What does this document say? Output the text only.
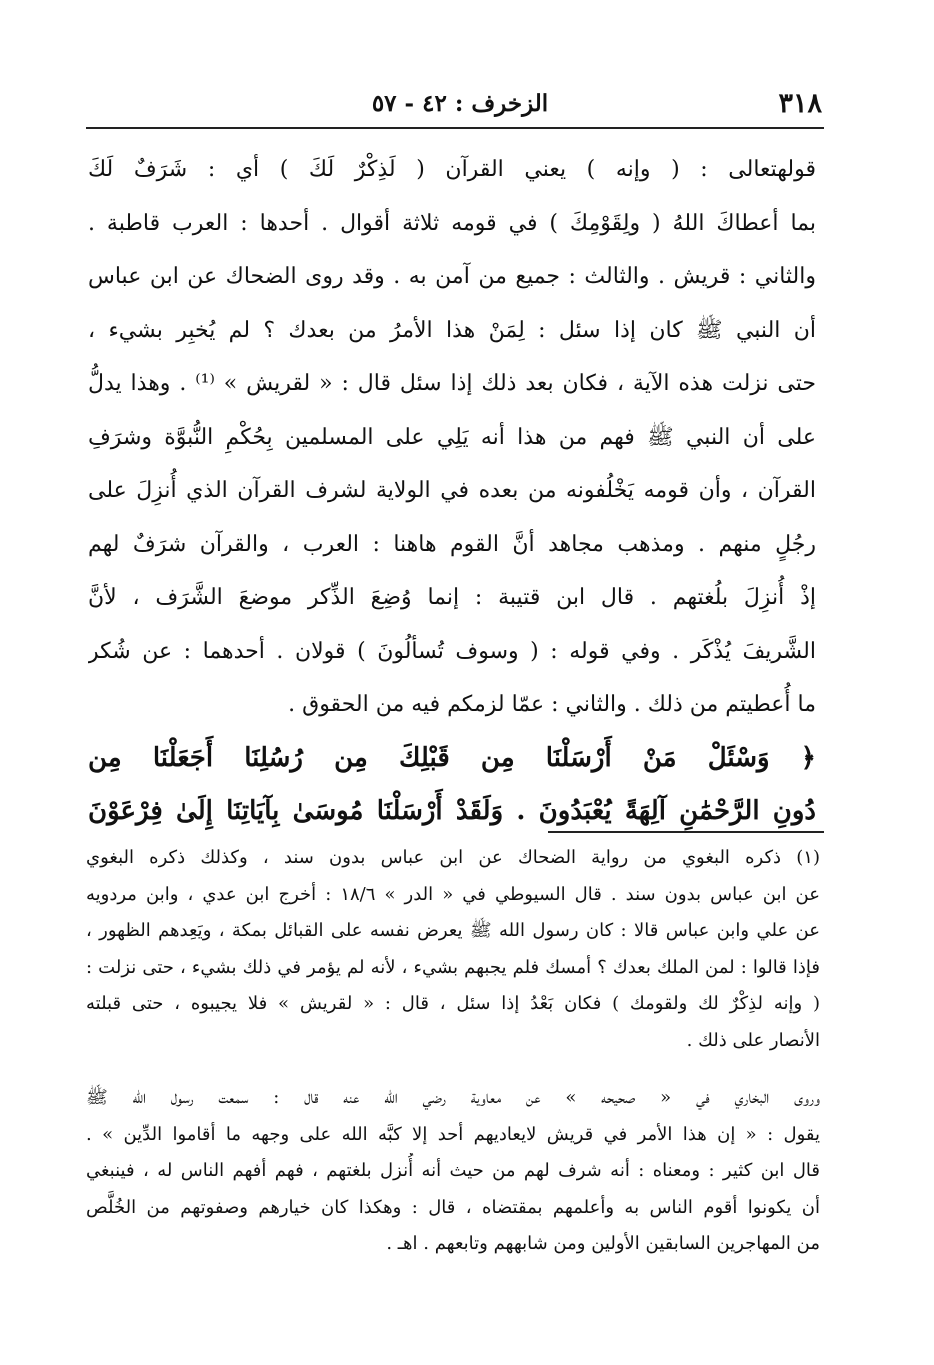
٣١٨
الزخرف : ٤٢ - ٥٧
قولهتعالى : ( وإنه ) يعني القرآن ( لَذِكْرٌ لَكَ ) أي : شَرَفٌ لَكَ
بما أعطاكَ اللهُ ( ولِقَوْمِكَ ) في قومه ثلاثة أقوال . أحدها : العرب قاطبة .
والثاني : قريش . والثالث : جميع من آمن به . وقد روى الضحاك عن ابن عباس
أن النبي ﷺ كان إذا سئل : لِمَنْ هذا الأمرُ من بعدك ؟ لم يُخبِر بشيء ،
حتى نزلت هذه الآية ، فكان بعد ذلك إذا سئل قال : « لقريش » ⁽¹⁾ . وهذا يدلُّ
على أن النبي ﷺ فهم من هذا أنه يَلِي على المسلمين بِحُكْمِ النُّبوَّة وشرَفِ
القرآن ، وأن قومه يَخْلُفونه من بعده في الولاية لشرف القرآن الذي أُنزِلَ على
رجُلٍ منهم . ومذهب مجاهد أنَّ القوم هاهنا : العرب ، والقرآن شرَفٌ لهم
إذْ أُنزِلَ بلُغتهم . قال ابن قتيبة : إنما وُضِعَ الذِّكر موضعَ الشَّرَف ، لأنَّ
الشَّريفَ يُذْكَر . وفي قوله : ( وسوف تُسألُونَ ) قولان . أحدهما : عن شُكر
ما أُعطيتم من ذلك . والثاني : عمّا لزمكم فيه من الحقوق .
﴿ وَسْئَلْ مَنْ أَرْسَلْنَا مِن قَبْلِكَ مِن رُسُلِنَا أَجَعَلْنَا مِن
دُونِ الرَّحْمَٰنِ آلِهَةً يُعْبَدُونَ . وَلَقَدْ أَرْسَلْنَا مُوسَىٰ بِآيَاتِنَا إِلَىٰ فِرْعَوْنَ
(١) ذكره البغوي من رواية الضحاك عن ابن عباس بدون سند ، وكذلك ذكره البغوي
عن ابن عباس بدون سند . قال السيوطي في « الدر » ١٨/٦ : أخرج ابن عدي ، وابن مردويه
عن علي وابن عباس قالا : كان رسول الله ﷺ يعرض نفسه على القبائل بمكة ، ويَعِدهم الظهور ،
فإذا قالوا : لمن الملك بعدك ؟ أمسك فلم يجبهم بشيء ، لأنه لم يؤمر في ذلك بشيء ، حتى نزلت :
( وإنه لذِكْرٌ لك ولقومك ) فكان بَعْدُ إذا سئل ، قال : « لقريش » فلا يجيبوه ، حتى قبلته
الأنصار على ذلك .
وروى البخاري في « صحيحه » عن معاوية رضي الله عنه قال : سمعت رسول الله ﷺ
يقول : « إن هذا الأمر في قريش لايعاديهم أحد إلا كبَّه الله على وجهه ما أقاموا الدِّين » .
قال ابن كثير : ومعناه : أنه شرف لهم من حيث أنه أُنزل بلغتهم ، فهم أفهم الناس له ، فينبغي
أن يكونوا أقوم الناس به وأعلمهم بمقتضاه ، قال : وهكذا كان خيارهم وصفوتهم من الخُلَّص
من المهاجرين السابقين الأولين ومن شابههم وتابعهم . اهـ .
